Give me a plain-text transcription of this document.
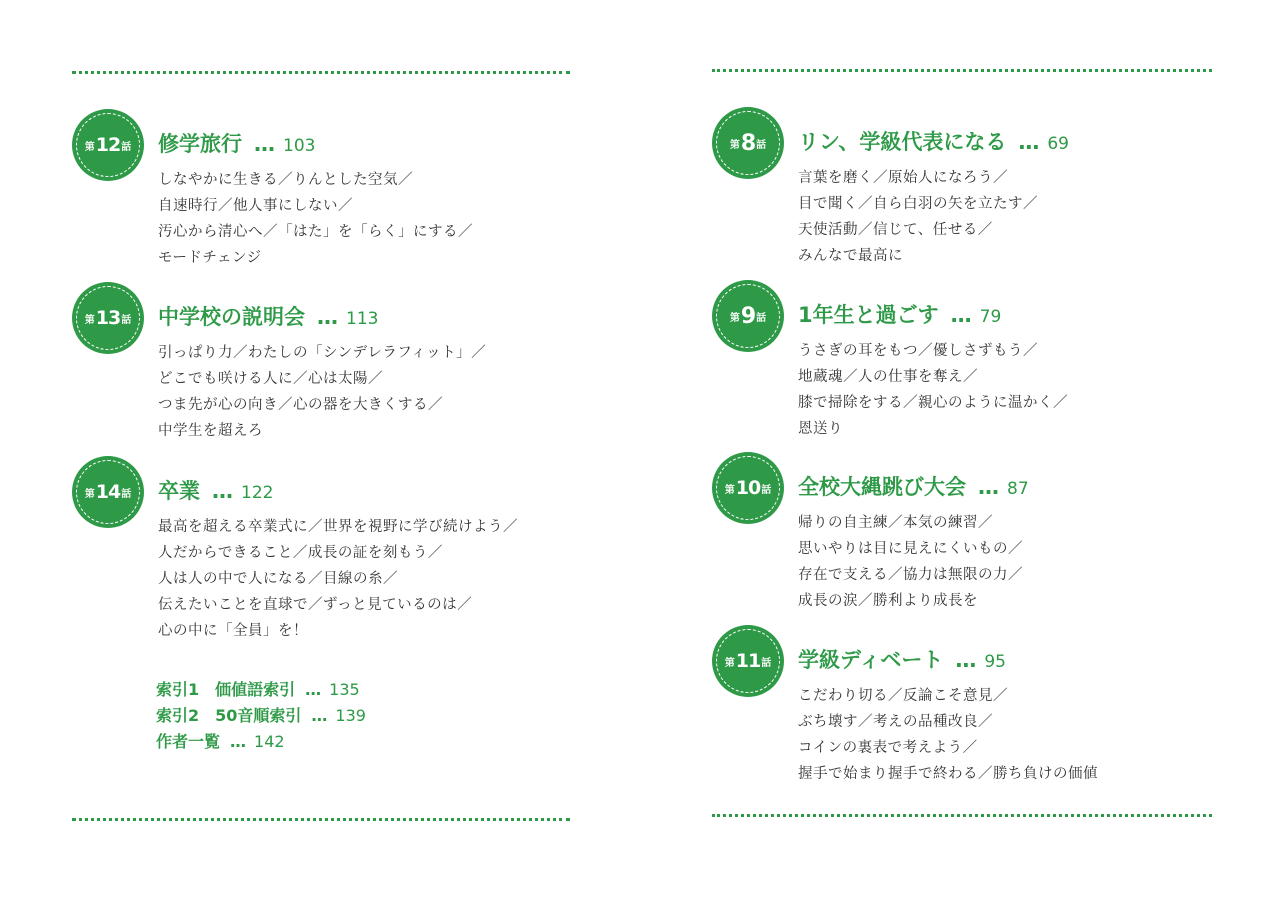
第 12 話 修学旅行 … 103
しなやかに生きる／りんとした空気／
自速時行／他人事にしない／
汚心から清心へ／「はた」を「らく」にする／
モードチェンジ
第 13 話 中学校の説明会 … 113
引っぱり力／わたしの「シンデレラフィット」／
どこでも咲ける人に／心は太陽／
つま先が心の向き／心の器を大きくする／
中学生を超えろ
第 14 話 卒業 … 122
最高を超える卒業式に／世界を視野に学び続けよう／
人だからできること／成長の証を刻もう／
人は人の中で人になる／目線の糸／
伝えたいことを直球で／ずっと見ているのは／
心の中に「全員」を！
索引1　価値語索引 … 135
索引2　50音順索引 … 139
作者一覧 … 142
第 8 話 リン、学級代表になる … 69
言葉を磨く／原始人になろう／
目で聞く／自ら白羽の矢を立たす／
天使活動／信じて、任せる／
みんなで最高に
第 9 話 1年生と過ごす … 79
うさぎの耳をもつ／優しさずもう／
地蔵魂／人の仕事を奪え／
膝で掃除をする／親心のように温かく／
恩送り
第 10 話 全校大縄跳び大会 … 87
帰りの自主練／本気の練習／
思いやりは目に見えにくいもの／
存在で支える／協力は無限の力／
成長の涙／勝利より成長を
第 11 話 学級ディベート … 95
こだわり切る／反論こそ意見／
ぶち壊す／考えの品種改良／
コインの裏表で考えよう／
握手で始まり握手で終わる／勝ち負けの価値
